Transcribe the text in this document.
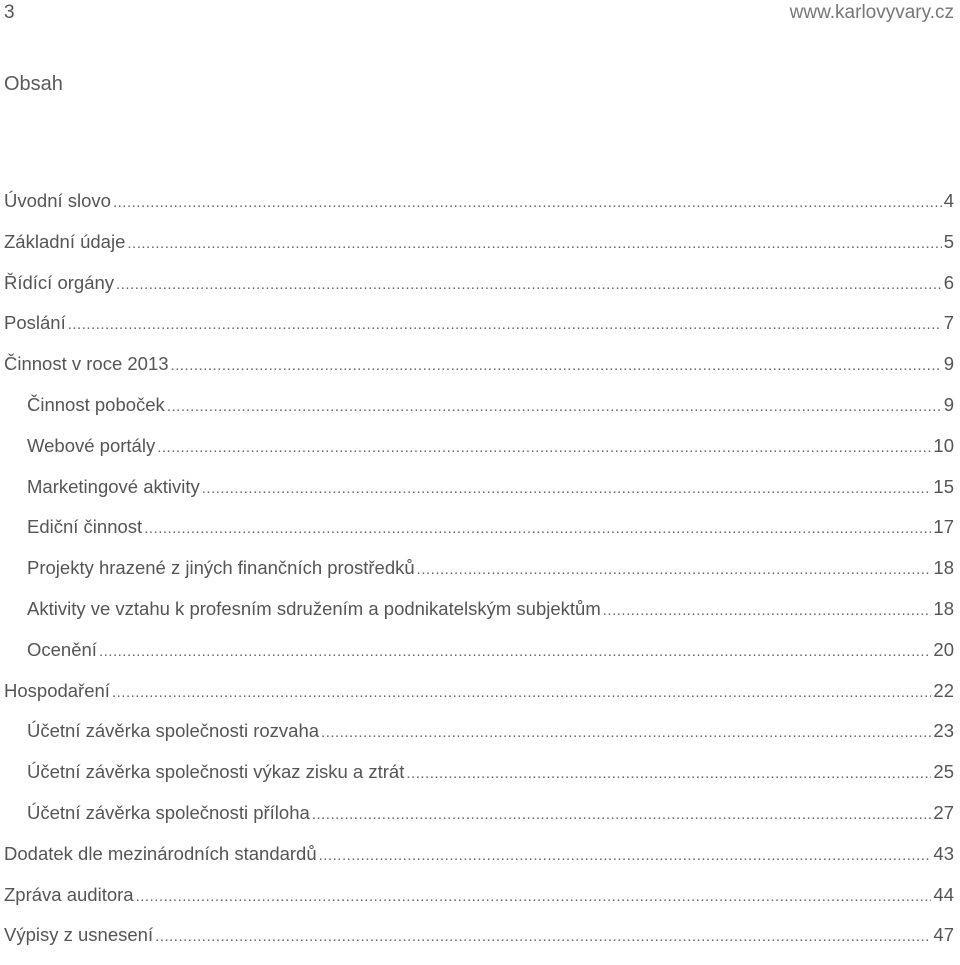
3	www.karlovyvary.cz
Obsah
Úvodní slovo .....	4
Základní údaje .....	5
Řídící orgány .....	6
Poslání .....	7
Činnost v roce 2013 .....	9
Činnost poboček .....	9
Webové portály .....	10
Marketingové aktivity .....	15
Ediční činnost .....	17
Projekty hrazené z jiných finančních prostředků .....	18
Aktivity ve vztahu k profesním sdružením a podnikatelským subjektům .....	18
Ocenění .....	20
Hospodaření .....	22
Účetní závěrka společnosti rozvaha .....	23
Účetní závěrka společnosti výkaz zisku a ztrát .....	25
Účetní závěrka společnosti příloha .....	27
Dodatek dle mezinárodních standardů .....	43
Zpráva auditora .....	44
Výpisy z usnesení .....	47
